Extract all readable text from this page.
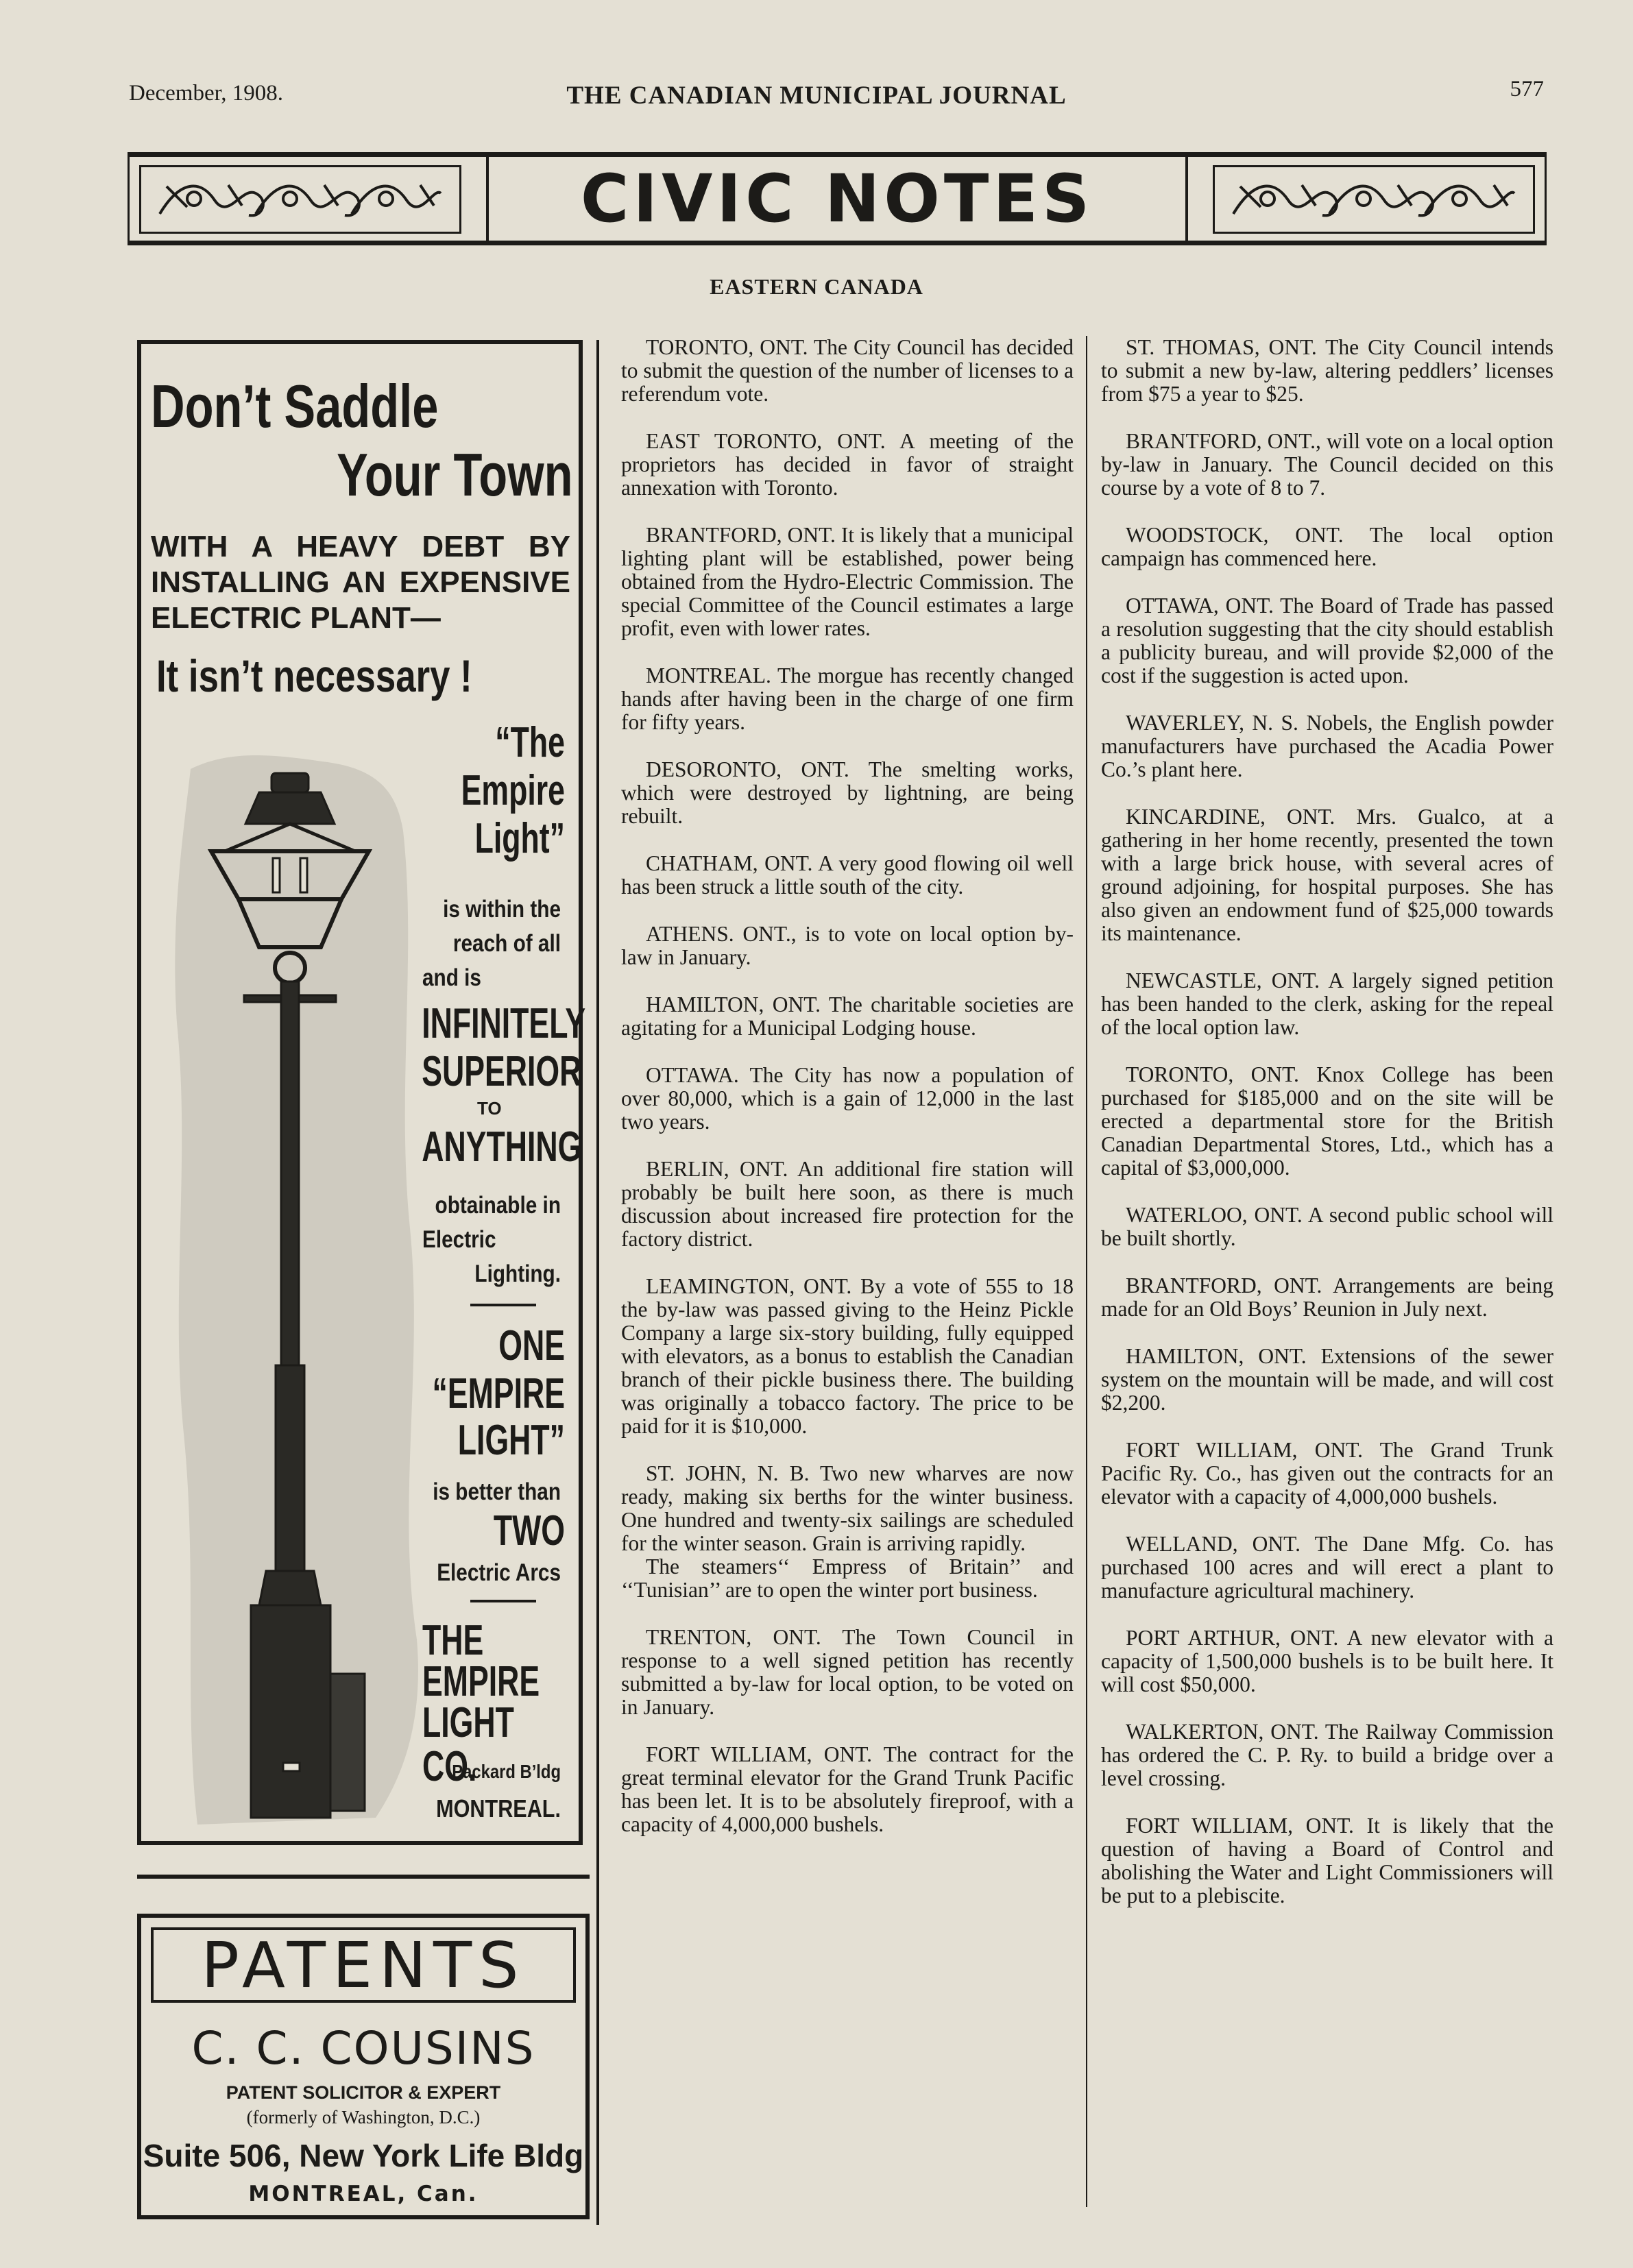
December, 1908.	THE CANADIAN MUNICIPAL JOURNAL	577
CIVIC NOTES
EASTERN CANADA
Don’t Saddle
Your Town
WITH A HEAVY DEBT BY INSTALLING AN EXPENSIVE ELECTRIC PLANT—
It isn’t necessary !
“The
Empire
Light”
is within the
reach of all
and is
INFINITELY
SUPERIOR
TO
ANYTHING
obtainable in
Electric
Lighting.
ONE
“EMPIRE
LIGHT”
is better than
TWO
Electric Arcs
THE
EMPIRE
LIGHT CO.
Packard B’ldg
MONTREAL.
PATENTS
C. C. COUSINS
PATENT SOLICITOR & EXPERT
(formerly of Washington, D.C.)
Suite 506, New York Life Bldg
MONTREAL, Can.
TORONTO, ONT. The City Council has decided to submit the question of the number of licenses to a referendum vote.
EAST TORONTO, ONT. A meeting of the proprietors has decided in favor of straight annexation with Toronto.
BRANTFORD, ONT. It is likely that a municipal lighting plant will be established, power being obtained from the Hydro-Electric Commission. The special Committee of the Council estimates a large profit, even with lower rates.
MONTREAL. The morgue has recently changed hands after having been in the charge of one firm for fifty years.
DESORONTO, ONT. The smelting works, which were destroyed by lightning, are being rebuilt.
CHATHAM, ONT. A very good flowing oil well has been struck a little south of the city.
ATHENS. ONT., is to vote on local option by-law in January.
HAMILTON, ONT. The charitable societies are agitating for a Municipal Lodging house.
OTTAWA. The City has now a population of over 80,000, which is a gain of 12,000 in the last two years.
BERLIN, ONT. An additional fire station will probably be built here soon, as there is much discussion about increased fire protection for the factory district.
LEAMINGTON, ONT. By a vote of 555 to 18 the by-law was passed giving to the Heinz Pickle Company a large six-story building, fully equipped with elevators, as a bonus to establish the Canadian branch of their pickle business there. The building was originally a tobacco factory. The price to be paid for it is $10,000.
ST. JOHN, N. B. Two new wharves are now ready, making six berths for the winter business. One hundred and twenty-six sailings are scheduled for the winter season. Grain is arriving rapidly.
The steamers‘‘ Empress of Britain’’ and ‘‘Tunisian’’ are to open the winter port business.
TRENTON, ONT. The Town Council in response to a well signed petition has recently submitted a by-law for local option, to be voted on in January.
FORT WILLIAM, ONT. The contract for the great terminal elevator for the Grand Trunk Pacific has been let. It is to be absolutely fireproof, with a capacity of 4,000,000 bushels.
ST. THOMAS, ONT. The City Council intends to submit a new by-law, altering peddlers’ licenses from $75 a year to $25.
BRANTFORD, ONT., will vote on a local option by-law in January. The Council decided on this course by a vote of 8 to 7.
WOODSTOCK, ONT. The local option campaign has commenced here.
OTTAWA, ONT. The Board of Trade has passed a resolution suggesting that the city should establish a publicity bureau, and will provide $2,000 of the cost if the suggestion is acted upon.
WAVERLEY, N. S. Nobels, the English powder manufacturers have purchased the Acadia Power Co.’s plant here.
KINCARDINE, ONT. Mrs. Gualco, at a gathering in her home recently, presented the town with a large brick house, with several acres of ground adjoining, for hospital purposes. She has also given an endowment fund of $25,000 towards its maintenance.
NEWCASTLE, ONT. A largely signed petition has been handed to the clerk, asking for the repeal of the local option law.
TORONTO, ONT. Knox College has been purchased for $185,000 and on the site will be erected a departmental store for the British Canadian Departmental Stores, Ltd., which has a capital of $3,000,000.
WATERLOO, ONT. A second public school will be built shortly.
BRANTFORD, ONT. Arrangements are being made for an Old Boys’ Reunion in July next.
HAMILTON, ONT. Extensions of the sewer system on the mountain will be made, and will cost $2,200.
FORT WILLIAM, ONT. The Grand Trunk Pacific Ry. Co., has given out the contracts for an elevator with a capacity of 4,000,000 bushels.
WELLAND, ONT. The Dane Mfg. Co. has purchased 100 acres and will erect a plant to manufacture agricultural machinery.
PORT ARTHUR, ONT. A new elevator with a capacity of 1,500,000 bushels is to be built here. It will cost $50,000.
WALKERTON, ONT. The Railway Commission has ordered the C. P. Ry. to build a bridge over a level crossing.
FORT WILLIAM, ONT. It is likely that the question of having a Board of Control and abolishing the Water and Light Commissioners will be put to a plebiscite.
